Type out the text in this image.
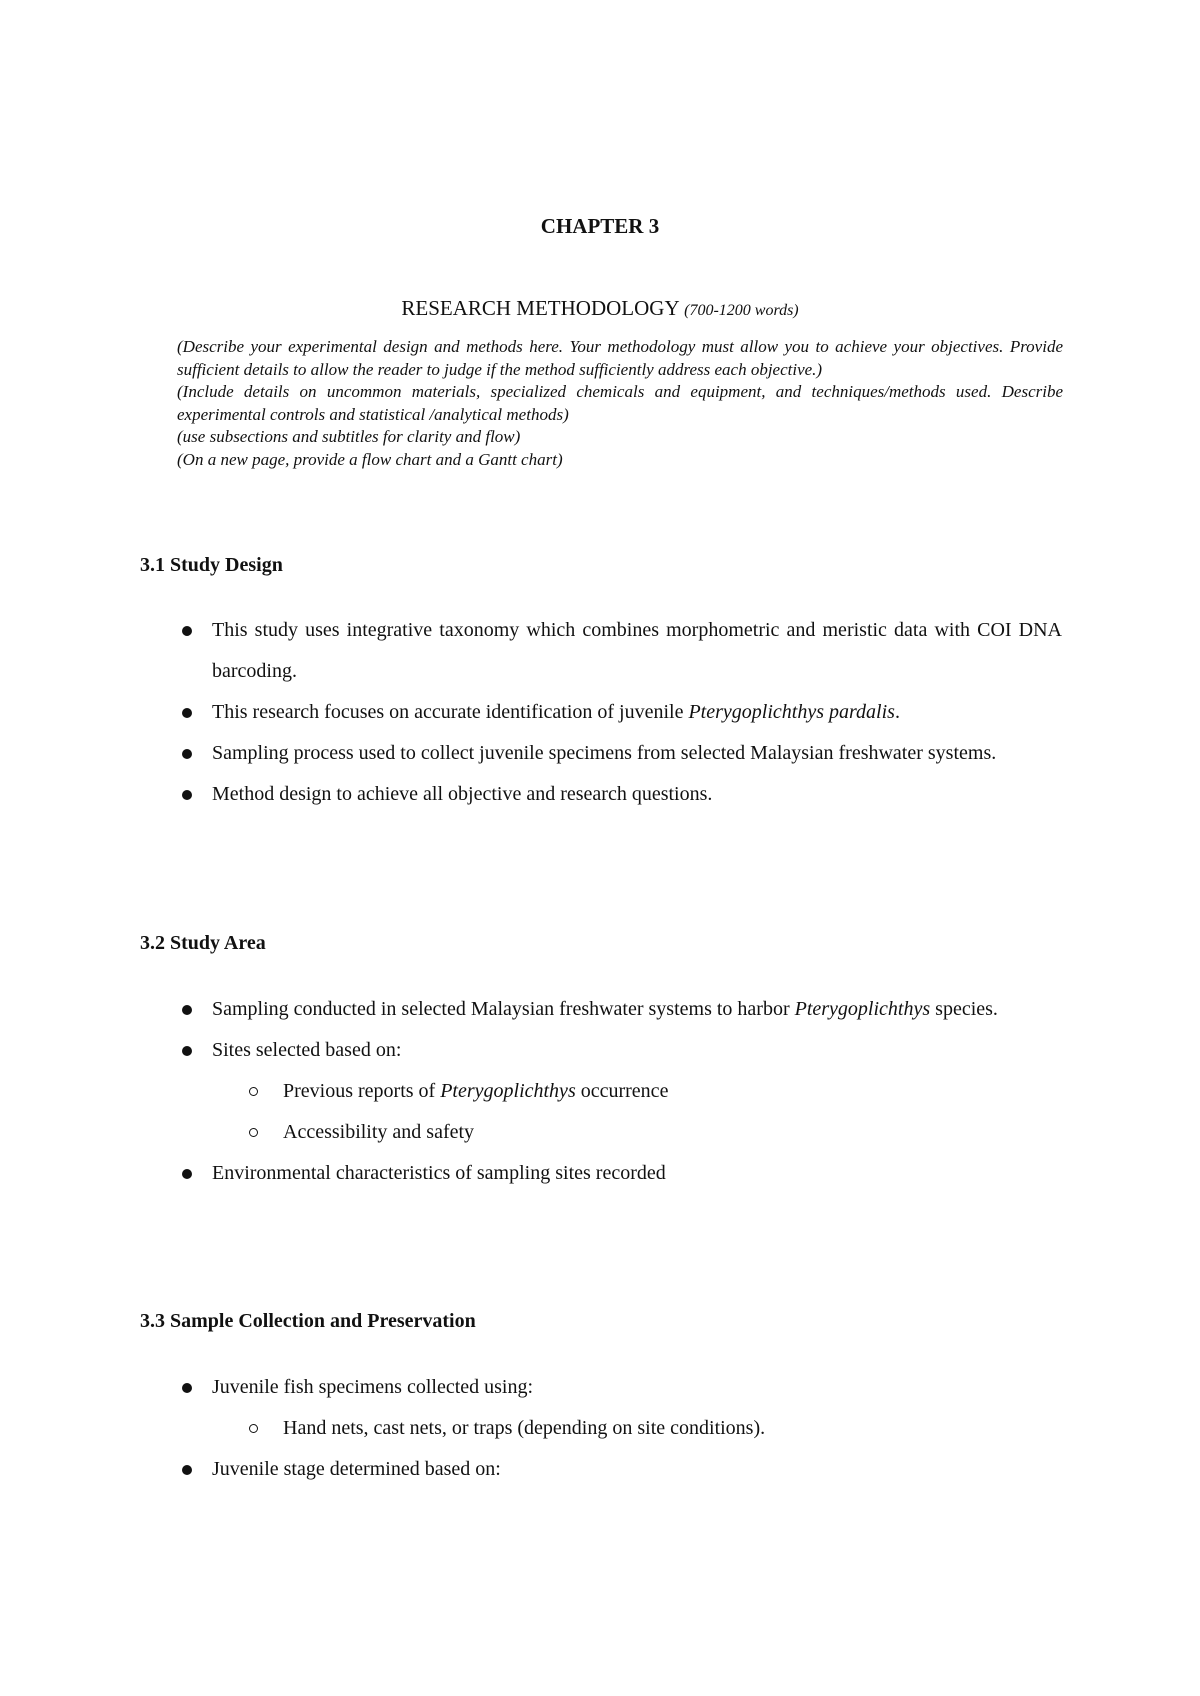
CHAPTER 3
RESEARCH METHODOLOGY (700-1200 words)

(Describe your experimental design and methods here. Your methodology must allow you to achieve your objectives. Provide sufficient details to allow the reader to judge if the method sufficiently address each objective.)

(Include details on uncommon materials, specialized chemicals and equipment, and techniques/methods used. Describe experimental controls and statistical /analytical methods)

(use subsections and subtitles for clarity and flow)

(On a new page, provide a flow chart and a Gantt chart)

3.1 Study Design
This study uses integrative taxonomy which combines morphometric and meristic data with COI DNA barcoding.
This research focuses on accurate identification of juvenile Pterygoplichthys pardalis.
Sampling process used to collect juvenile specimens from selected Malaysian freshwater systems.
Method design to achieve all objective and research questions.
3.2 Study Area
Sampling conducted in selected Malaysian freshwater systems to harbor Pterygoplichthys species.
Sites selected based on:
Previous reports of Pterygoplichthys occurrence
Accessibility and safety
Environmental characteristics of sampling sites recorded
3.3 Sample Collection and Preservation
Juvenile fish specimens collected using:
Hand nets, cast nets, or traps (depending on site conditions).
Juvenile stage determined based on:
